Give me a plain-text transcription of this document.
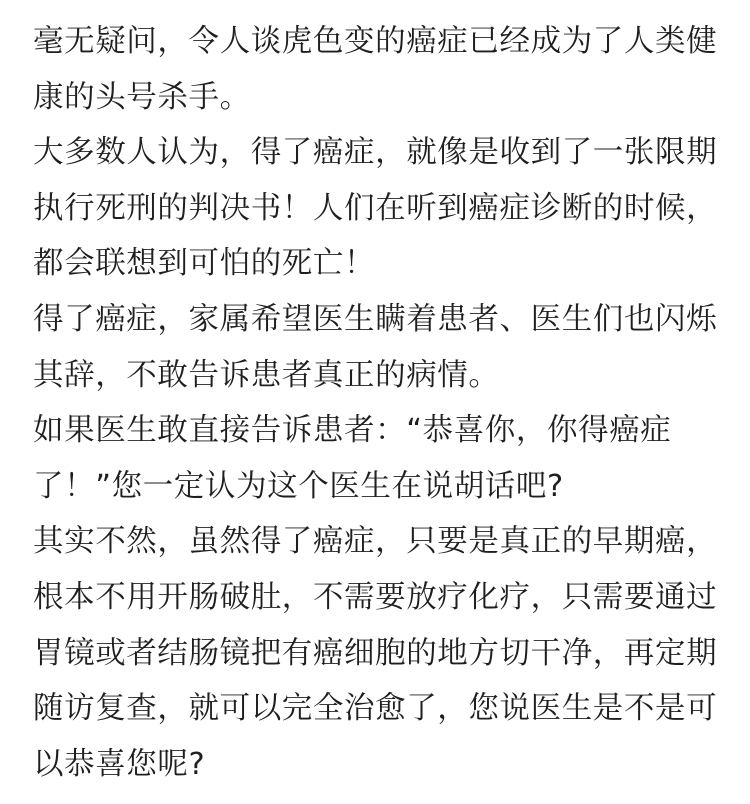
毫无疑问，令人谈虎色变的癌症已经成为了人类健康的头号杀手。

大多数人认为，得了癌症，就像是收到了一张限期执行死刑的判决书！人们在听到癌症诊断的时候，都会联想到可怕的死亡！

得了癌症，家属希望医生瞒着患者、医生们也闪烁其辞，不敢告诉患者真正的病情。

如果医生敢直接告诉患者：“恭喜你，你得癌症了！”您一定认为这个医生在说胡话吧?

其实不然，虽然得了癌症，只要是真正的早期癌，根本不用开肠破肚，不需要放疗化疗，只需要通过胃镜或者结肠镜把有癌细胞的地方切干净，再定期随访复查，就可以完全治愈了，您说医生是不是可以恭喜您呢?
